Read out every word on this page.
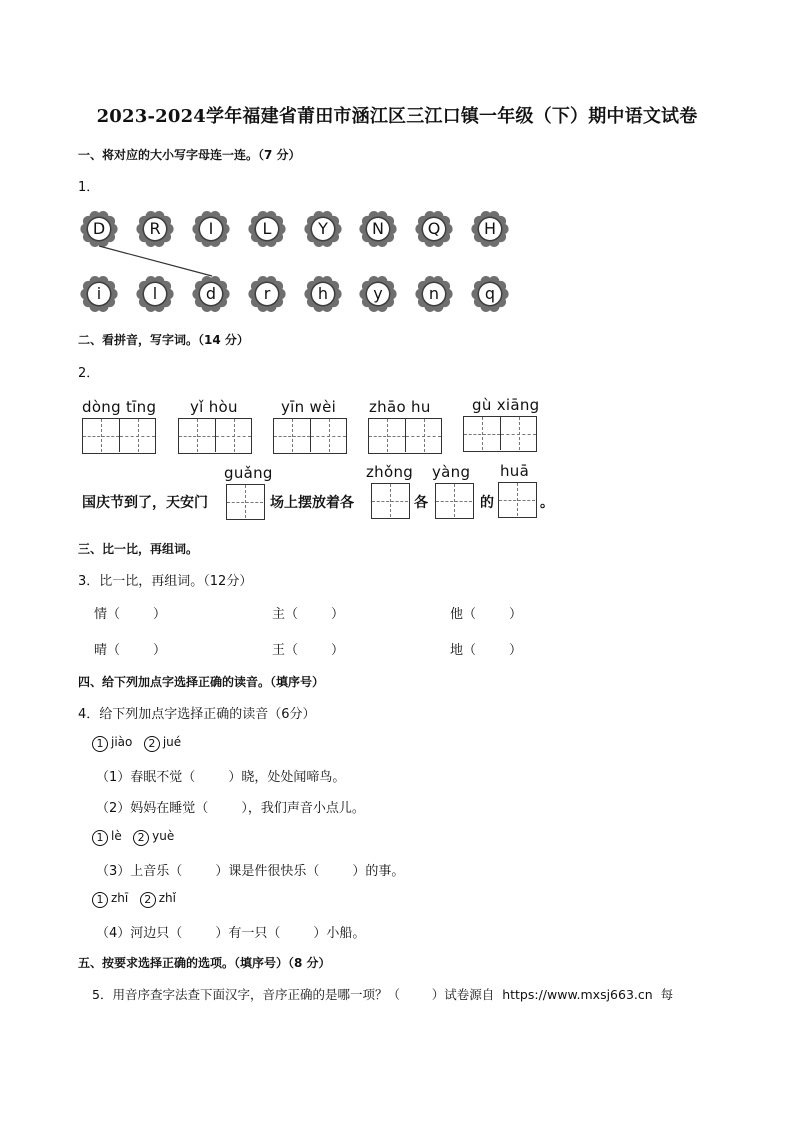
2023-2024学年福建省莆田市涵江区三江口镇一年级（下）期中语文试卷
一、将对应的大小写字母连一连。（7 分）
1．
D	R	I	L	Y	N	Q	H
i	l	d	r	h	y	n	q
二、看拼音，写字词。（14 分）
2．
dòng tīng yǐ hòu	yīn wèi zhāo hu	gù xiāng
国庆节到了，天安门
guǎng
场上摆放着各
zhǒng
各
yàng
的
huā
。
三、比一比，再组词。
3．比一比，再组词。（12分）
情（        ）	主（        ）	他（        ）
晴（        ）	王（        ）	地（        ）
四、给下列加点字选择正确的读音。（填序号）
4．给下列加点字选择正确的读音（6分）
1 jiào 2 jué
（1）春眠不觉（        ）晓，处处闻啼鸟。
（2）妈妈在睡觉（        ），我们声音小点儿。
1 lè 2 yuè
（3）上音乐（        ）课是件很快乐（        ）的事。
1 zhī 2 zhǐ
（4）河边只（        ）有一只（        ）小船。
五、按要求选择正确的选项。（填序号）（8 分）
5．用音序查字法查下面汉字，音序正确的是哪一项？（        ）试卷源自  https://www.mxsj663.cn  每
